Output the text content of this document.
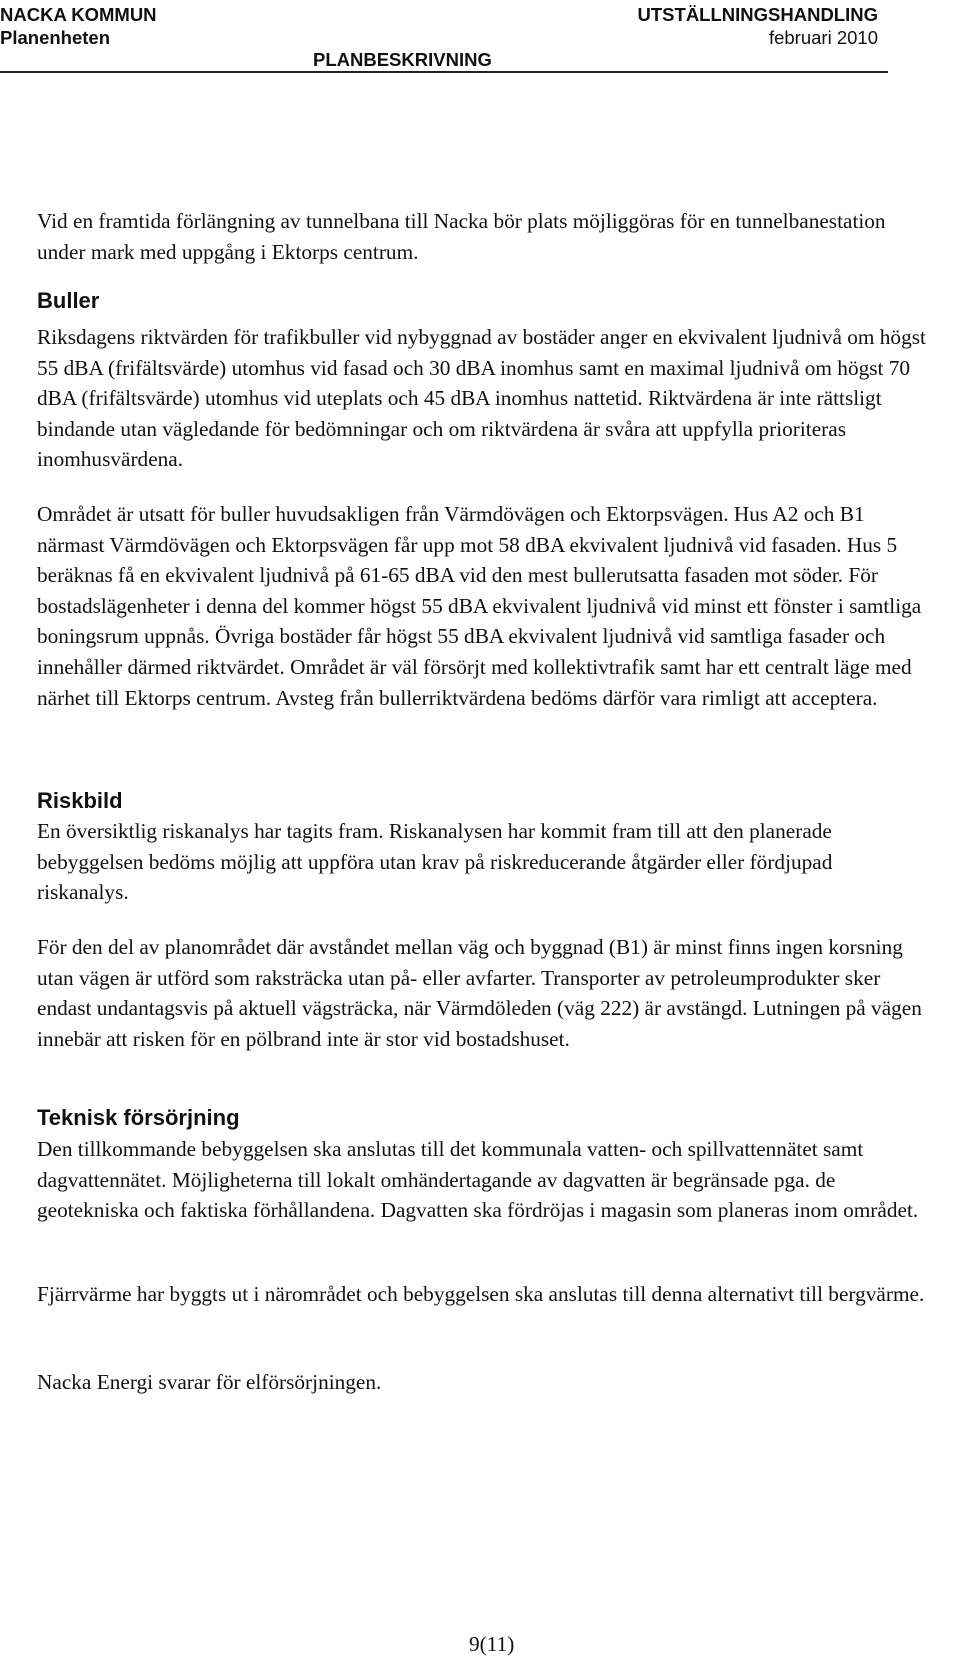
NACKA KOMMUN
Planenheten
UTSTÄLLNINGSHANDLING
februari 2010
PLANBESKRIVNING

Vid en framtida förlängning av tunnelbana till Nacka bör plats möjliggöras för en tunnelbanestation under mark med uppgång i Ektorps centrum.

Buller

Riksdagens riktvärden för trafikbuller vid nybyggnad av bostäder anger en ekvivalent ljudnivå om högst 55 dBA (frifältsvärde) utomhus vid fasad och 30 dBA inomhus samt en maximal ljudnivå om högst 70 dBA (frifältsvärde) utomhus vid uteplats och 45 dBA inomhus nattetid. Riktvärdena är inte rättsligt bindande utan vägledande för bedömningar och om riktvärdena är svåra att uppfylla prioriteras inomhusvärdena.

Området är utsatt för buller huvudsakligen från Värmdövägen och Ektorpsvägen. Hus A2 och B1 närmast Värmdövägen och Ektorpsvägen får upp mot 58 dBA ekvivalent ljudnivå vid fasaden. Hus 5 beräknas få en ekvivalent ljudnivå på 61-65 dBA vid den mest bullerutsatta fasaden mot söder. För bostadslägenheter i denna del kommer högst 55 dBA ekvivalent ljudnivå vid minst ett fönster i samtliga boningsrum uppnås. Övriga bostäder får högst 55 dBA ekvivalent ljudnivå vid samtliga fasader och innehåller därmed riktvärdet. Området är väl försörjt med kollektivtrafik samt har ett centralt läge med närhet till Ektorps centrum. Avsteg från bullerriktvärdena bedöms därför vara rimligt att acceptera.

Riskbild

En översiktlig riskanalys har tagits fram. Riskanalysen har kommit fram till att den planerade bebyggelsen bedöms möjlig att uppföra utan krav på riskreducerande åtgärder eller fördjupad riskanalys.

För den del av planområdet där avståndet mellan väg och byggnad (B1) är minst finns ingen korsning utan vägen är utförd som raksträcka utan på- eller avfarter. Transporter av petroleumprodukter sker endast undantagsvis på aktuell vägsträcka, när Värmdöleden (väg 222) är avstängd. Lutningen på vägen innebär att risken för en pölbrand inte är stor vid bostadshuset.

Teknisk försörjning

Den tillkommande bebyggelsen ska anslutas till det kommunala vatten- och spillvattennätet samt dagvattennätet. Möjligheterna till lokalt omhändertagande av dagvatten är begränsade pga. de geotekniska och faktiska förhållandena. Dagvatten ska fördröjas i magasin som planeras inom området.

Fjärrvärme har byggts ut i närområdet och bebyggelsen ska anslutas till denna alternativt till bergvärme.

Nacka Energi svarar för elförsörjningen.

9(11)
